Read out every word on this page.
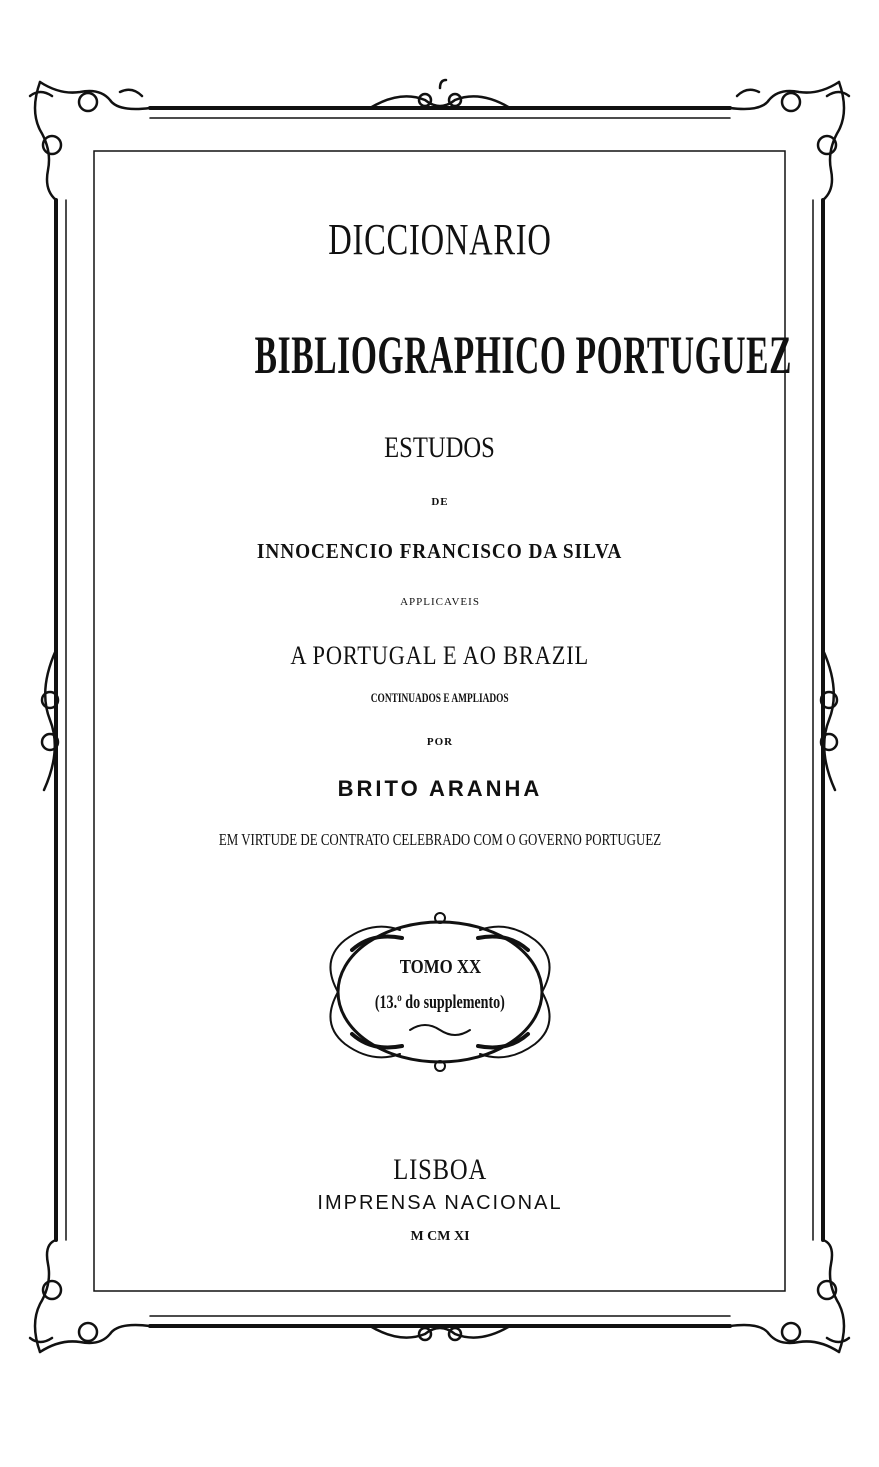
DICCIONARIO
BIBLIOGRAPHICO PORTUGUEZ
ESTUDOS
DE
INNOCENCIO FRANCISCO DA SILVA
APPLICAVEIS
A PORTUGAL E AO BRAZIL
CONTINUADOS E AMPLIADOS
POR
BRITO ARANHA
EM VIRTUDE DE CONTRATO CELEBRADO COM O GOVERNO PORTUGUEZ
TOMO XX
(13.º do supplemento)
LISBOA
IMPRENSA NACIONAL
M CM XI
